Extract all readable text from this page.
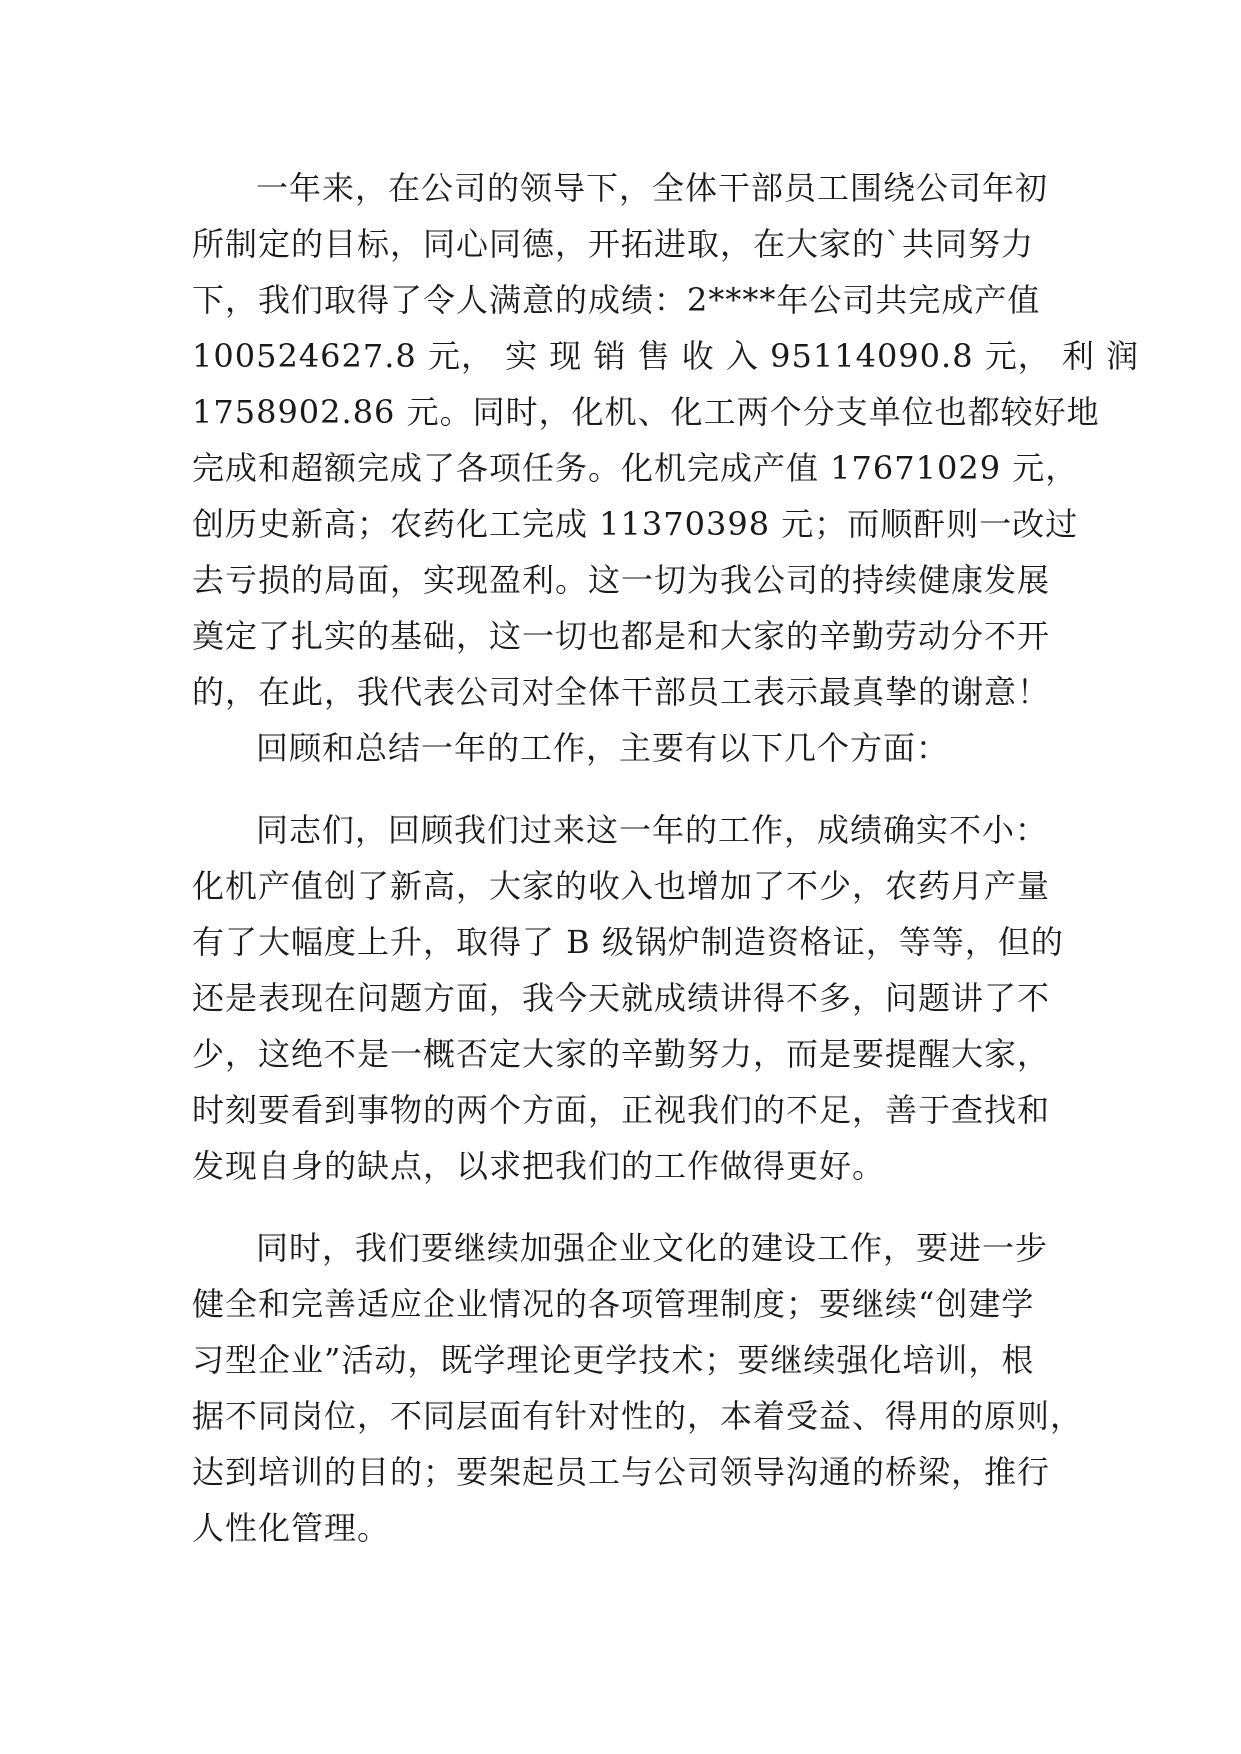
一年来，在公司的领导下，全体干部员工围绕公司年初
所制定的目标，同心同德，开拓进取，在大家的`共同努力
下，我们取得了令人满意的成绩：2****年公司共完成产值
100524627.8 元， 实 现 销 售 收 入 95114090.8 元， 利 润
1758902.86 元。同时，化机、化工两个分支单位也都较好地
完成和超额完成了各项任务。化机完成产值 17671029 元，
创历史新高；农药化工完成 11370398 元；而顺酐则一改过
去亏损的局面，实现盈利。这一切为我公司的持续健康发展
奠定了扎实的基础，这一切也都是和大家的辛勤劳动分不开
的，在此，我代表公司对全体干部员工表示最真挚的谢意！
回顾和总结一年的工作，主要有以下几个方面：
同志们，回顾我们过来这一年的工作，成绩确实不小：
化机产值创了新高，大家的收入也增加了不少，农药月产量
有了大幅度上升，取得了 B 级锅炉制造资格证，等等，但的
还是表现在问题方面，我今天就成绩讲得不多，问题讲了不
少，这绝不是一概否定大家的辛勤努力，而是要提醒大家，
时刻要看到事物的两个方面，正视我们的不足，善于查找和
发现自身的缺点，以求把我们的工作做得更好。
同时，我们要继续加强企业文化的建设工作，要进一步
健全和完善适应企业情况的各项管理制度；要继续“创建学
习型企业”活动，既学理论更学技术；要继续强化培训，根
据不同岗位，不同层面有针对性的，本着受益、得用的原则，
达到培训的目的；要架起员工与公司领导沟通的桥梁，推行
人性化管理。
